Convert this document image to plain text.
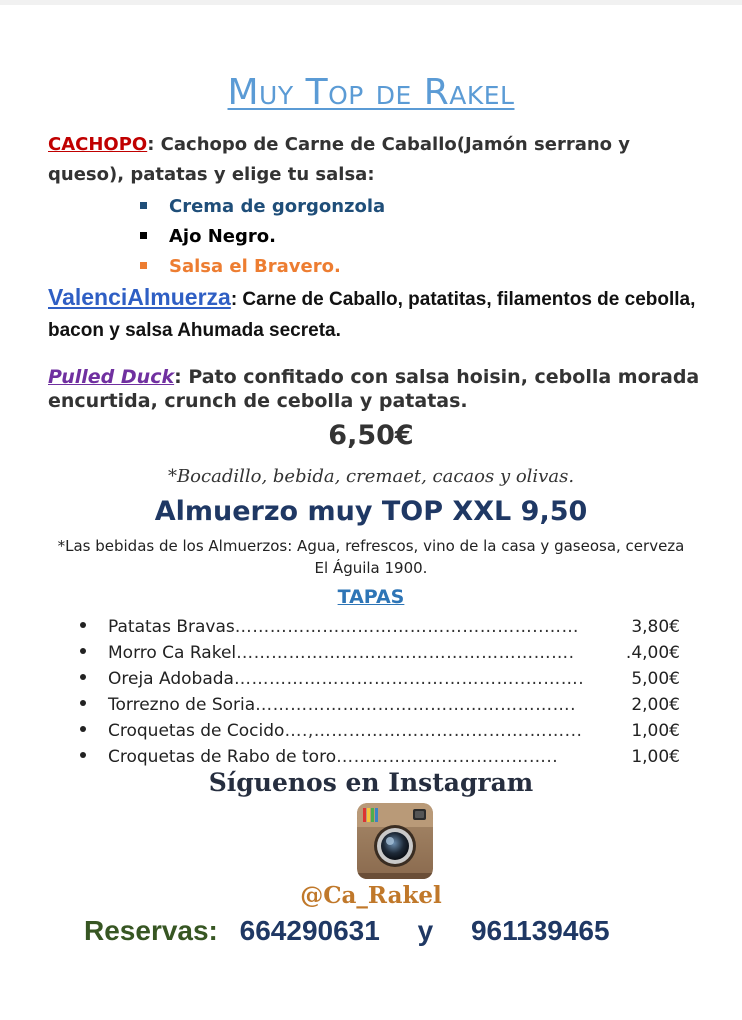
Muy Top de Rakel
CACHOPO: Cachopo de Carne de Caballo(Jamón serrano y queso), patatas y elige tu salsa:
Crema de gorgonzola
Ajo Negro.
Salsa el Bravero.
ValenciAlmuerza: Carne de Caballo, patatitas, filamentos de cebolla, bacon y salsa Ahumada secreta.
Pulled Duck: Pato confitado con salsa hoisin, cebolla morada encurtida, crunch de cebolla y patatas.
6,50€
*Bocadillo, bebida, cremaet, cacaos y olivas.
Almuerzo muy TOP XXL 9,50
*Las bebidas de los Almuerzos: Agua, refrescos, vino de la casa y gaseosa, cerveza El Águila 1900.
TAPAS
Patatas Bravas……………………………………………..……	3,80€
Morro Ca Rakel………………………………………………….	.4,00€
Oreja Adobada…………………………………………..……….	5,00€
Torrezno de Soria……………………………………………….	2,00€
Croquetas de Cocido….,……………………………….……...	1,00€
Croquetas de Rabo de toro………………………...……..	1,00€
Síguenos en Instagram
@Ca_Rakel
Reservas: 664290631 y 961139465
